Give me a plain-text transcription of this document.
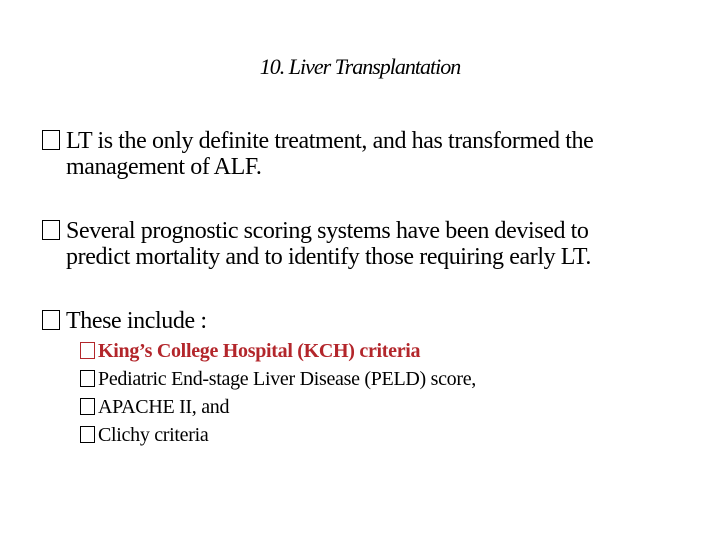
10. Liver Transplantation
LT is the only definite treatment, and has transformed the
management of ALF.
Several prognostic scoring systems have been devised to
predict mortality and to identify those requiring early LT.
These include :
King’s College Hospital (KCH) criteria
Pediatric End-stage Liver Disease (PELD) score,
APACHE II, and
Clichy criteria
